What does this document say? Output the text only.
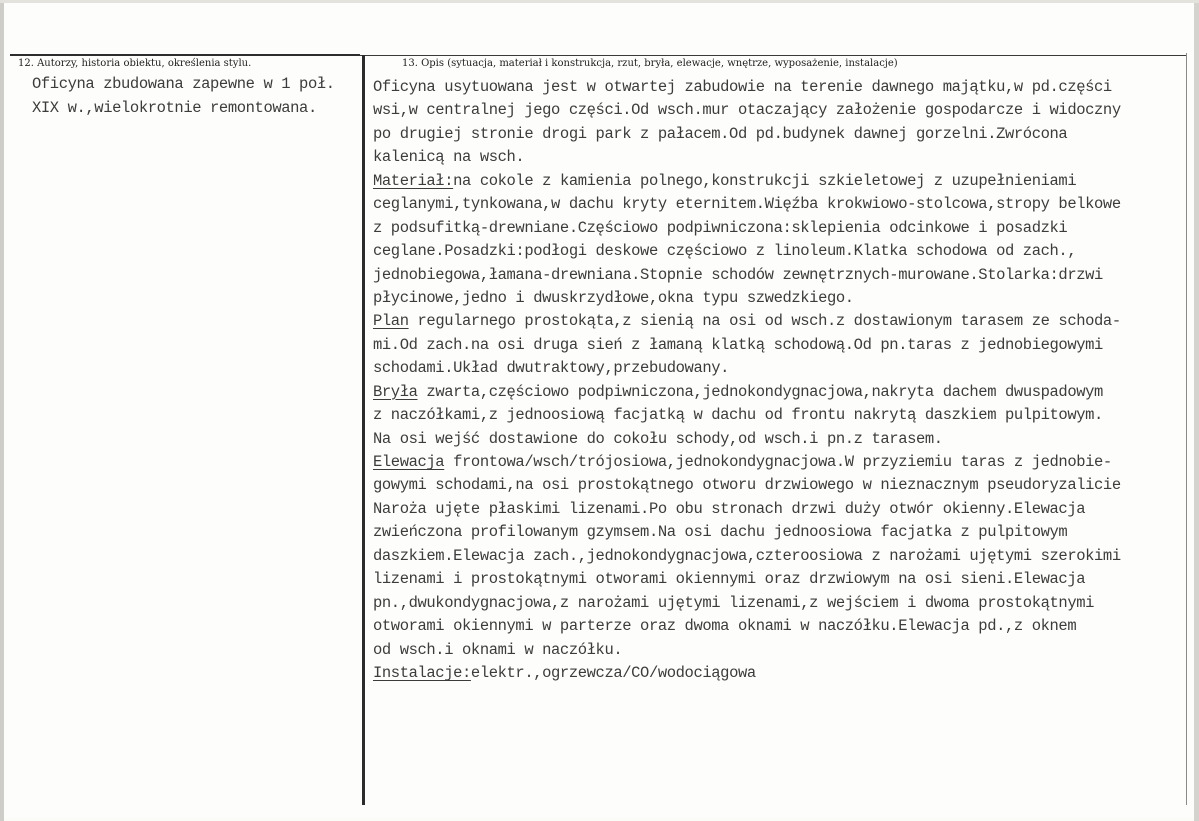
12. Autorzy, historia obiektu, określenia stylu.	13. Opis (sytuacja, materiał i konstrukcja, rzut, bryła, elewacje, wnętrze, wyposażenie, instalacje)
Oficyna zbudowana zapewne w 1 poł.
XIX w.,wielokrotnie remontowana.
Oficyna usytuowana jest w otwartej zabudowie na terenie dawnego majątku,w pd.części
wsi,w centralnej jego części.Od wsch.mur otaczający założenie gospodarcze i widoczny
po drugiej stronie drogi park z pałacem.Od pd.budynek dawnej gorzelni.Zwrócona
kalenicą na wsch.
Materiał:na cokole z kamienia polnego,konstrukcji szkieletowej z uzupełnieniami
ceglanymi,tynkowana,w dachu kryty eternitem.Więźba krokwiowo-stolcowa,stropy belkowe
z podsufitką-drewniane.Częściowo podpiwniczona:sklepienia odcinkowe i posadzki
ceglane.Posadzki:podłogi deskowe częściowo z linoleum.Klatka schodowa od zach.,
jednobiegowa,łamana-drewniana.Stopnie schodów zewnętrznych-murowane.Stolarka:drzwi
płycinowe,jedno i dwuskrzydłowe,okna typu szwedzkiego.
Plan regularnego prostokąta,z sienią na osi od wsch.z dostawionym tarasem ze schoda-
mi.Od zach.na osi druga sień z łamaną klatką schodową.Od pn.taras z jednobiegowymi
schodami.Układ dwutraktowy,przebudowany.
Bryła zwarta,częściowo podpiwniczona,jednokondygnacjowa,nakryta dachem dwuspadowym
z naczółkami,z jednoosiową facjatką w dachu od frontu nakrytą daszkiem pulpitowym.
Na osi wejść dostawione do cokołu schody,od wsch.i pn.z tarasem.
Elewacja frontowa/wsch/trójosiowa,jednokondygnacjowa.W przyziemiu taras z jednobie-
gowymi schodami,na osi prostokątnego otworu drzwiowego w nieznacznym pseudoryzalicie
Naroża ujęte płaskimi lizenami.Po obu stronach drzwi duży otwór okienny.Elewacja
zwieńczona profilowanym gzymsem.Na osi dachu jednoosiowa facjatka z pulpitowym
daszkiem.Elewacja zach.,jednokondygnacjowa,czteroosiowa z narożami ujętymi szerokimi
lizenami i prostokątnymi otworami okiennymi oraz drzwiowym na osi sieni.Elewacja
pn.,dwukondygnacjowa,z narożami ujętymi lizenami,z wejściem i dwoma prostokątnymi
otworami okiennymi w parterze oraz dwoma oknami w naczółku.Elewacja pd.,z oknem
od wsch.i oknami w naczółku.
Instalacje:elektr.,ogrzewcza/CO/wodociągowa
